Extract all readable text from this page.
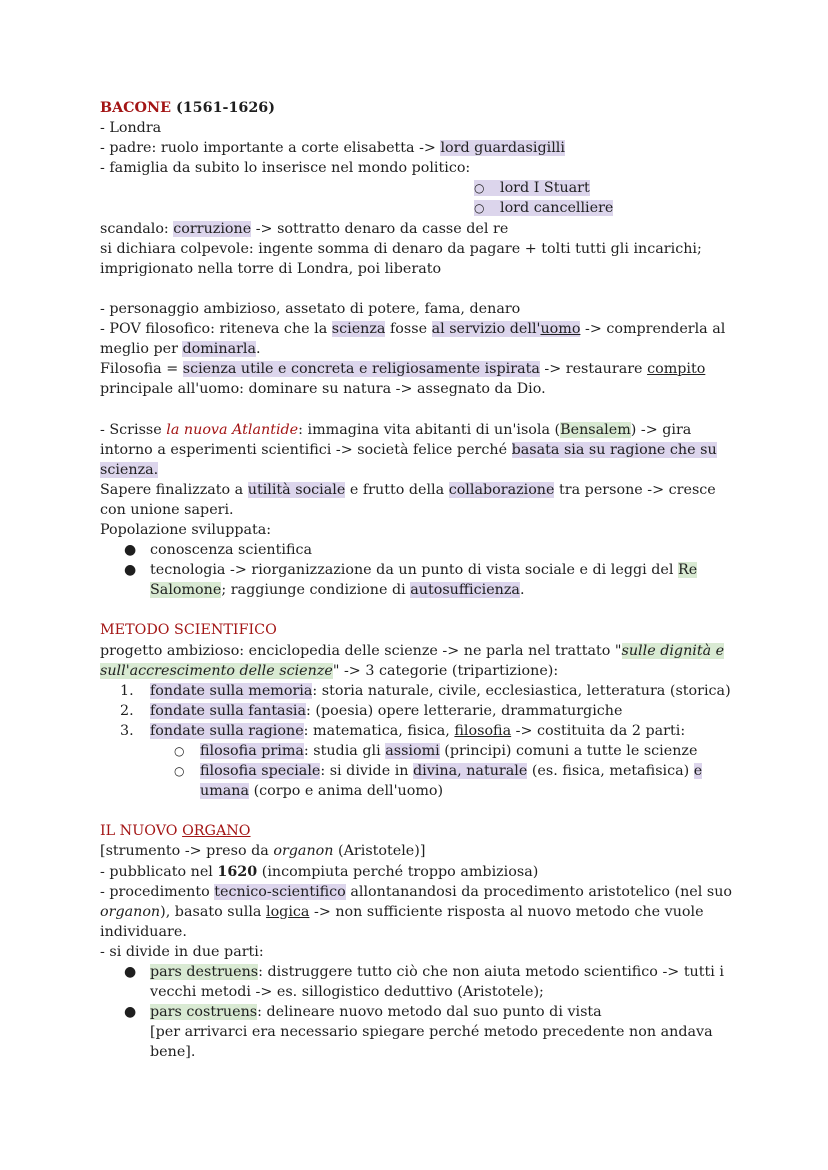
BACONE (1561-1626)
- Londra
- padre: ruolo importante a corte elisabetta -> lord guardasigilli
- famiglia da subito lo inserisce nel mondo politico:
○ lord I Stuart
○ lord cancelliere
scandalo: corruzione -> sottratto denaro da casse del re
si dichiara colpevole: ingente somma di denaro da pagare + tolti tutti gli incarichi;
imprigionato nella torre di Londra, poi liberato
- personaggio ambizioso, assetato di potere, fama, denaro
- POV filosofico: riteneva che la scienza fosse al servizio dell'uomo -> comprenderla al meglio per dominarla.
Filosofia = scienza utile e concreta e religiosamente ispirata -> restaurare compito principale all'uomo: dominare su natura -> assegnato da Dio.
- Scrisse la nuova Atlantide: immagina vita abitanti di un'isola (Bensalem) -> gira intorno a esperimenti scientifici -> società felice perché basata sia su ragione che su scienza.
Sapere finalizzato a utilità sociale e frutto della collaborazione tra persone -> cresce con unione saperi.
Popolazione sviluppata:
● conoscenza scientifica
● tecnologia -> riorganizzazione da un punto di vista sociale e di leggi del Re Salomone; raggiunge condizione di autosufficienza.
METODO SCIENTIFICO
progetto ambizioso: enciclopedia delle scienze -> ne parla nel trattato "sulle dignità e sull'accrescimento delle scienze" -> 3 categorie (tripartizione):
1. fondate sulla memoria: storia naturale, civile, ecclesiastica, letteratura (storica)
2. fondate sulla fantasia: (poesia) opere letterarie, drammaturgiche
3. fondate sulla ragione: matematica, fisica, filosofia -> costituita da 2 parti:
○ filosofia prima: studia gli assiomi (principi) comuni a tutte le scienze
○ filosofia speciale: si divide in divina, naturale (es. fisica, metafisica) e umana (corpo e anima dell'uomo)
IL NUOVO ORGANO
[strumento -> preso da organon (Aristotele)]
- pubblicato nel 1620 (incompiuta perché troppo ambiziosa)
- procedimento tecnico-scientifico allontanandosi da procedimento aristotelico (nel suo organon), basato sulla logica -> non sufficiente risposta al nuovo metodo che vuole individuare.
- si divide in due parti:
● pars destruens: distruggere tutto ciò che non aiuta metodo scientifico -> tutti i vecchi metodi -> es. sillogistico deduttivo (Aristotele);
● pars costruens: delineare nuovo metodo dal suo punto di vista
[per arrivarci era necessario spiegare perché metodo precedente non andava bene].
